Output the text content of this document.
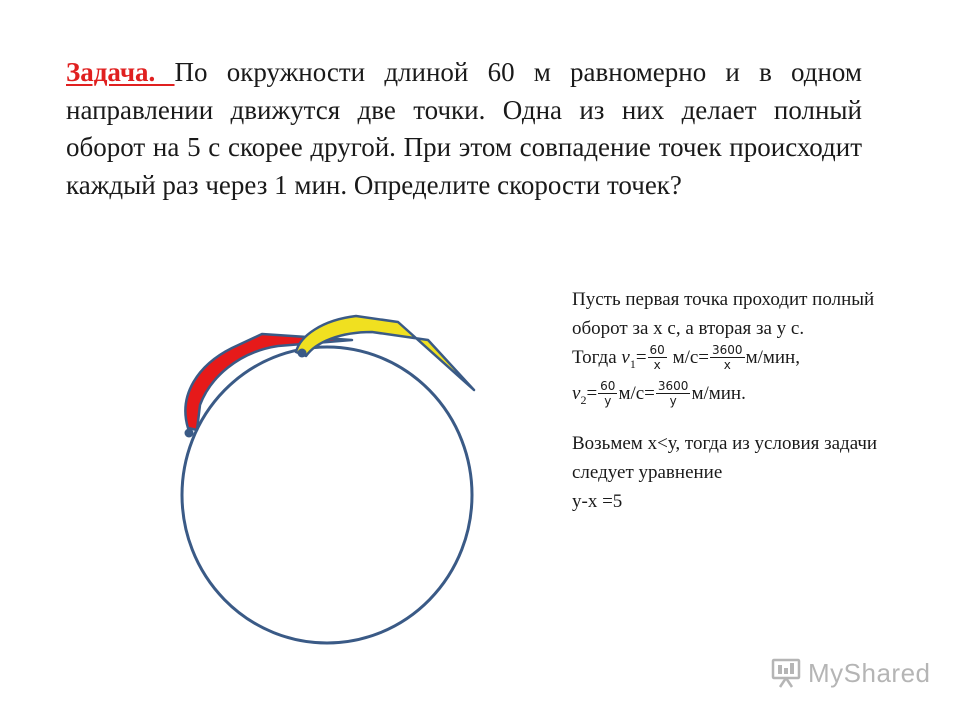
Задача. По окружности длиной 60 м равномерно и в одном направлении движутся две точки. Одна из них делает полный оборот на 5 с скорее другой. При этом совпадение точек происходит каждый раз через 1 мин. Определите скорости точек?
Пусть первая точка проходит полный оборот за х с, а вторая за у с.
Тогда $v_1= \frac{60}{x} м/с= \frac{3600}{x} м/мин$,
$v_2= \frac{60}{y} м/с= \frac{3600}{y} м/мин$.
Возьмем х<у, тогда из условия задачи следует уравнение
у-х =5
MyShared
